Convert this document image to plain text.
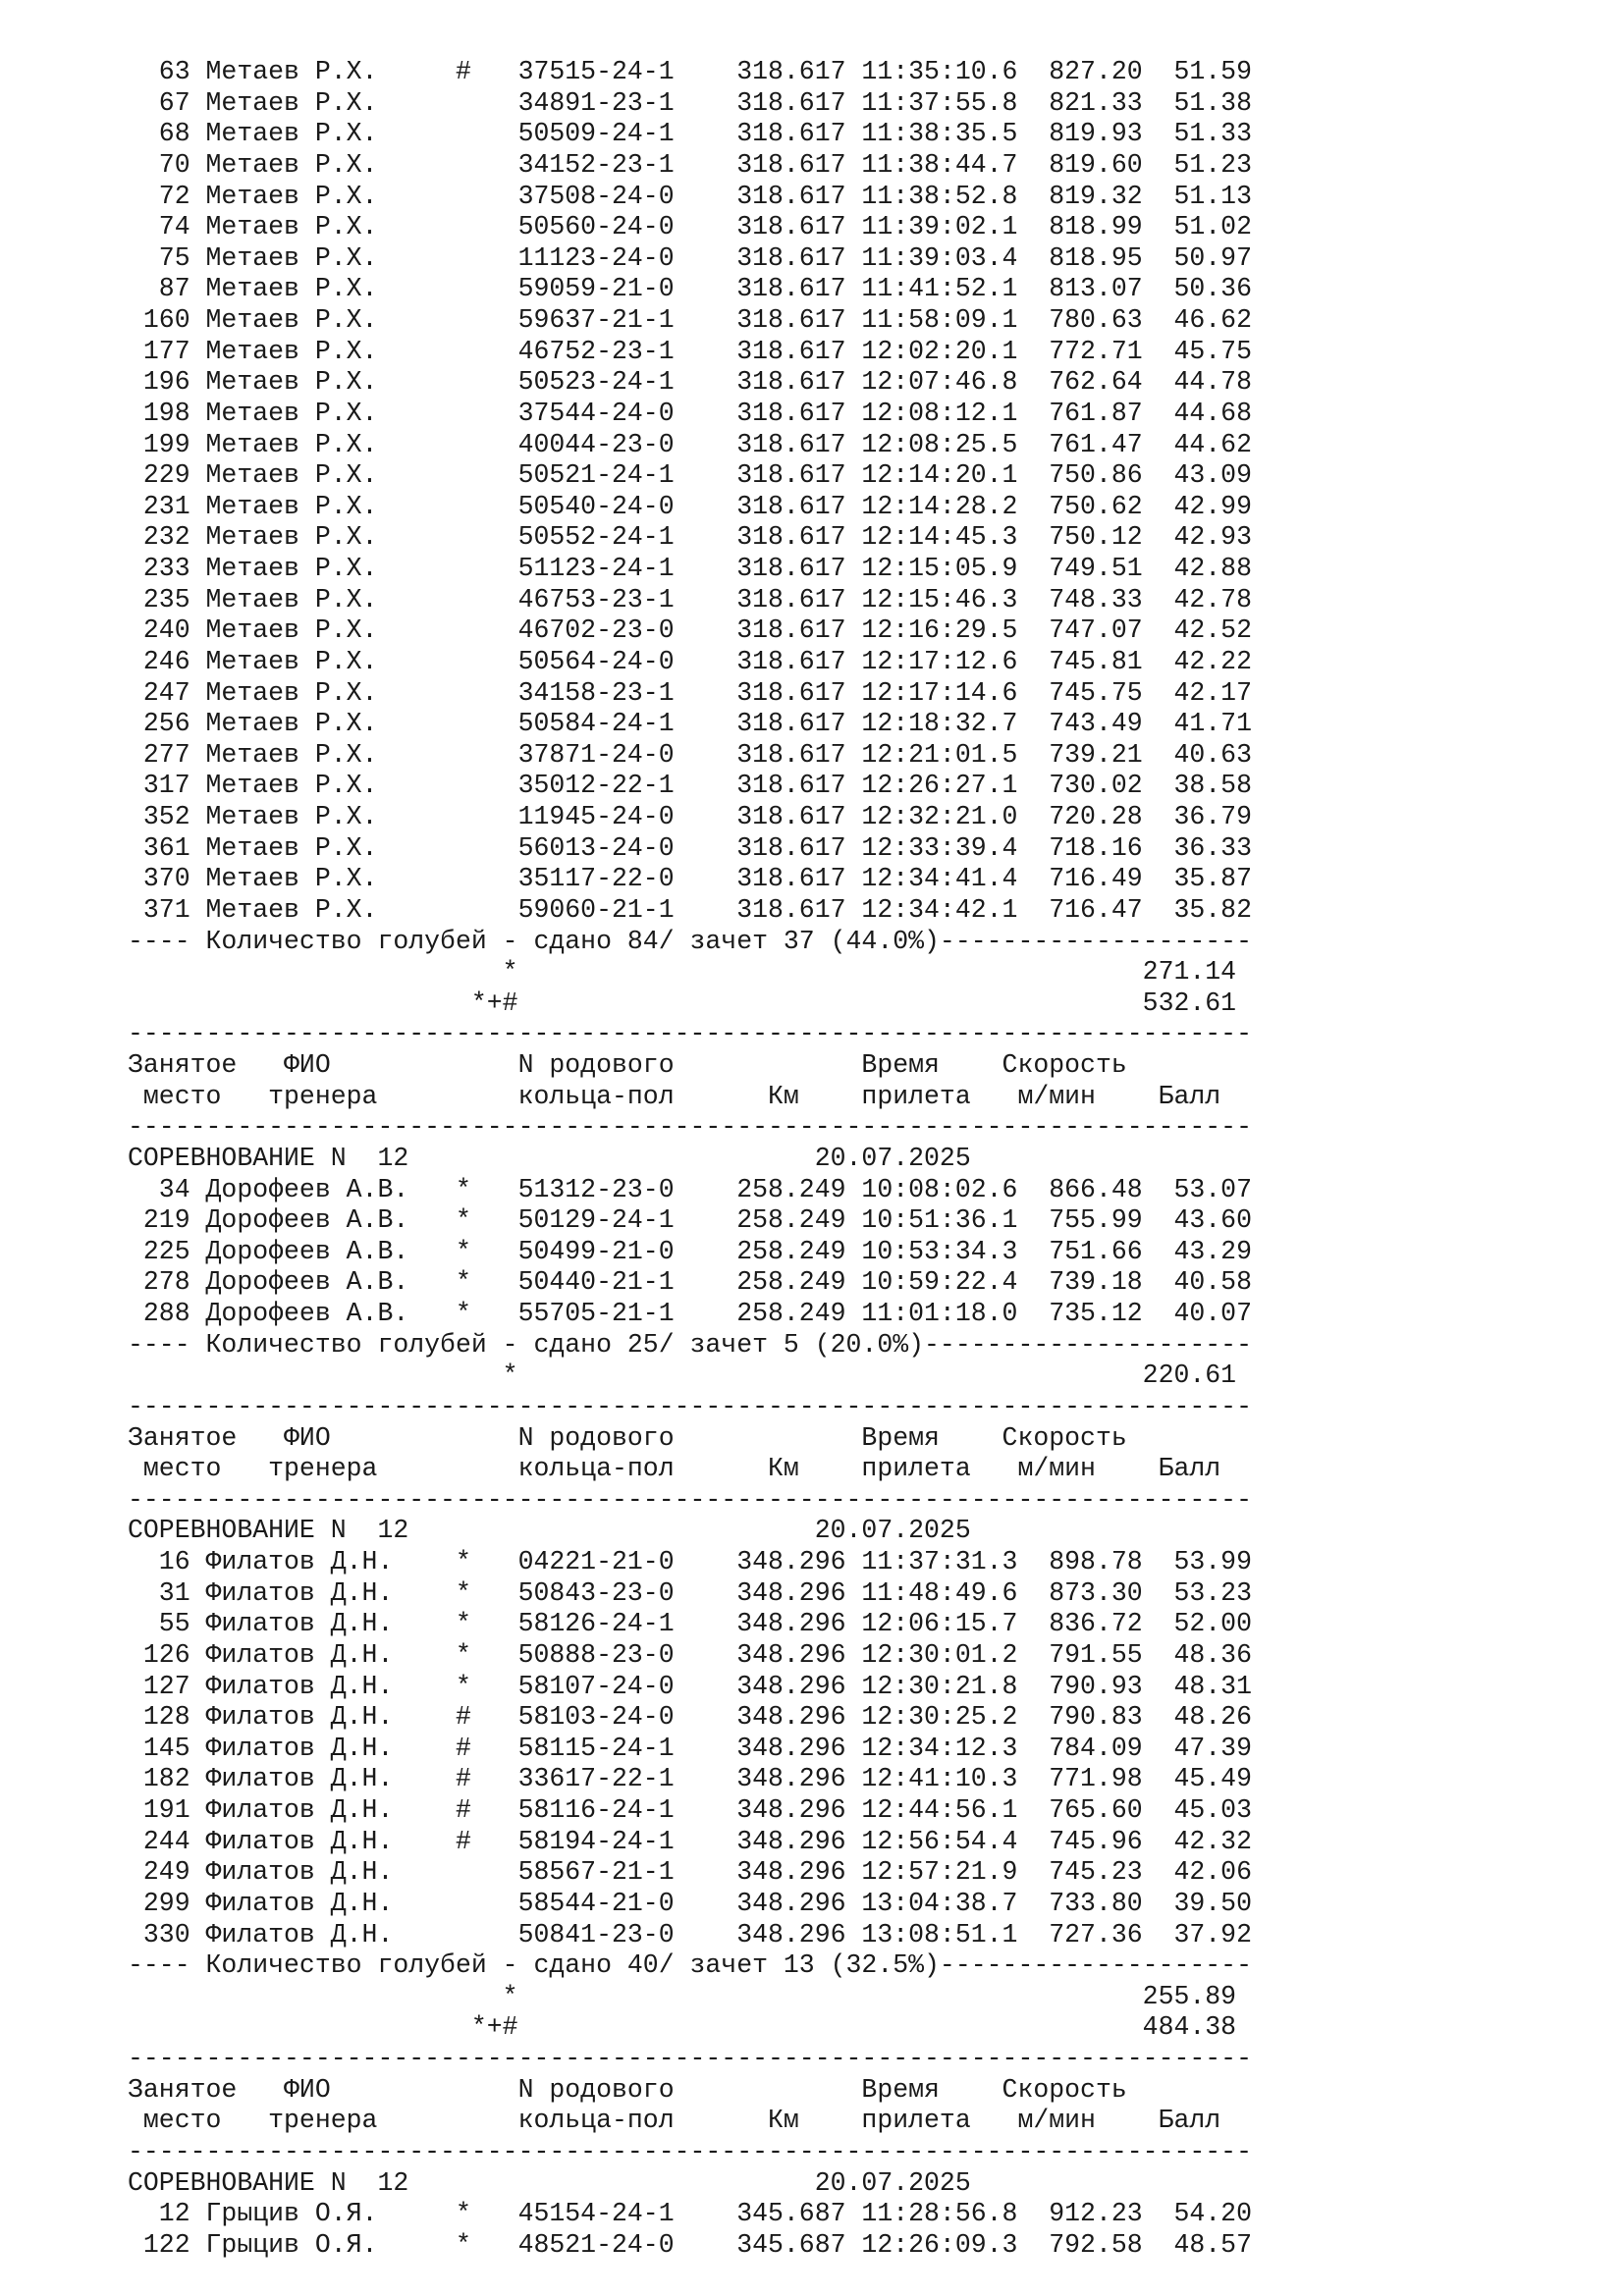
63 Метаев Р.Х.     #   37515-24-1    318.617 11:35:10.6  827.20  51.59
67 Метаев Р.Х.         34891-23-1    318.617 11:37:55.8  821.33  51.38
68 Метаев Р.Х.         50509-24-1    318.617 11:38:35.5  819.93  51.33
70 Метаев Р.Х.         34152-23-1    318.617 11:38:44.7  819.60  51.23
72 Метаев Р.Х.         37508-24-0    318.617 11:38:52.8  819.32  51.13
74 Метаев Р.Х.         50560-24-0    318.617 11:39:02.1  818.99  51.02
75 Метаев Р.Х.         11123-24-0    318.617 11:39:03.4  818.95  50.97
87 Метаев Р.Х.         59059-21-0    318.617 11:41:52.1  813.07  50.36
160 Метаев Р.Х.         59637-21-1    318.617 11:58:09.1  780.63  46.62
177 Метаев Р.Х.         46752-23-1    318.617 12:02:20.1  772.71  45.75
196 Метаев Р.Х.         50523-24-1    318.617 12:07:46.8  762.64  44.78
198 Метаев Р.Х.         37544-24-0    318.617 12:08:12.1  761.87  44.68
199 Метаев Р.Х.         40044-23-0    318.617 12:08:25.5  761.47  44.62
229 Метаев Р.Х.         50521-24-1    318.617 12:14:20.1  750.86  43.09
231 Метаев Р.Х.         50540-24-0    318.617 12:14:28.2  750.62  42.99
232 Метаев Р.Х.         50552-24-1    318.617 12:14:45.3  750.12  42.93
233 Метаев Р.Х.         51123-24-1    318.617 12:15:05.9  749.51  42.88
235 Метаев Р.Х.         46753-23-1    318.617 12:15:46.3  748.33  42.78
240 Метаев Р.Х.         46702-23-0    318.617 12:16:29.5  747.07  42.52
246 Метаев Р.Х.         50564-24-0    318.617 12:17:12.6  745.81  42.22
247 Метаев Р.Х.         34158-23-1    318.617 12:17:14.6  745.75  42.17
256 Метаев Р.Х.         50584-24-1    318.617 12:18:32.7  743.49  41.71
277 Метаев Р.Х.         37871-24-0    318.617 12:21:01.5  739.21  40.63
317 Метаев Р.Х.         35012-22-1    318.617 12:26:27.1  730.02  38.58
352 Метаев Р.Х.         11945-24-0    318.617 12:32:21.0  720.28  36.79
361 Метаев Р.Х.         56013-24-0    318.617 12:33:39.4  718.16  36.33
370 Метаев Р.Х.         35117-22-0    318.617 12:34:41.4  716.49  35.87
371 Метаев Р.Х.         59060-21-1    318.617 12:34:42.1  716.47  35.82
---- Количество голубей - сдано 84/ зачет 37 (44.0%)--------------------
*                                        271.14
*+#                                        532.61
------------------------------------------------------------------------
Занятое   ФИО            N родового            Время    Скорость
место   тренера         кольца-пол      Км    прилета   м/мин    Балл
------------------------------------------------------------------------
СОРЕВНОВАНИЕ N  12                          20.07.2025
34 Дорофеев А.В.   *   51312-23-0    258.249 10:08:02.6  866.48  53.07
219 Дорофеев А.В.   *   50129-24-1    258.249 10:51:36.1  755.99  43.60
225 Дорофеев А.В.   *   50499-21-0    258.249 10:53:34.3  751.66  43.29
278 Дорофеев А.В.   *   50440-21-1    258.249 10:59:22.4  739.18  40.58
288 Дорофеев А.В.   *   55705-21-1    258.249 11:01:18.0  735.12  40.07
---- Количество голубей - сдано 25/ зачет 5 (20.0%)---------------------
*                                        220.61
------------------------------------------------------------------------
Занятое   ФИО            N родового            Время    Скорость
место   тренера         кольца-пол      Км    прилета   м/мин    Балл
------------------------------------------------------------------------
СОРЕВНОВАНИЕ N  12                          20.07.2025
16 Филатов Д.Н.    *   04221-21-0    348.296 11:37:31.3  898.78  53.99
31 Филатов Д.Н.    *   50843-23-0    348.296 11:48:49.6  873.30  53.23
55 Филатов Д.Н.    *   58126-24-1    348.296 12:06:15.7  836.72  52.00
126 Филатов Д.Н.    *   50888-23-0    348.296 12:30:01.2  791.55  48.36
127 Филатов Д.Н.    *   58107-24-0    348.296 12:30:21.8  790.93  48.31
128 Филатов Д.Н.    #   58103-24-0    348.296 12:30:25.2  790.83  48.26
145 Филатов Д.Н.    #   58115-24-1    348.296 12:34:12.3  784.09  47.39
182 Филатов Д.Н.    #   33617-22-1    348.296 12:41:10.3  771.98  45.49
191 Филатов Д.Н.    #   58116-24-1    348.296 12:44:56.1  765.60  45.03
244 Филатов Д.Н.    #   58194-24-1    348.296 12:56:54.4  745.96  42.32
249 Филатов Д.Н.        58567-21-1    348.296 12:57:21.9  745.23  42.06
299 Филатов Д.Н.        58544-21-0    348.296 13:04:38.7  733.80  39.50
330 Филатов Д.Н.        50841-23-0    348.296 13:08:51.1  727.36  37.92
---- Количество голубей - сдано 40/ зачет 13 (32.5%)--------------------
*                                        255.89
*+#                                        484.38
------------------------------------------------------------------------
Занятое   ФИО            N родового            Время    Скорость
место   тренера         кольца-пол      Км    прилета   м/мин    Балл
------------------------------------------------------------------------
СОРЕВНОВАНИЕ N  12                          20.07.2025
12 Грыцив О.Я.     *   45154-24-1    345.687 11:28:56.8  912.23  54.20
122 Грыцив О.Я.     *   48521-24-0    345.687 12:26:09.3  792.58  48.57
